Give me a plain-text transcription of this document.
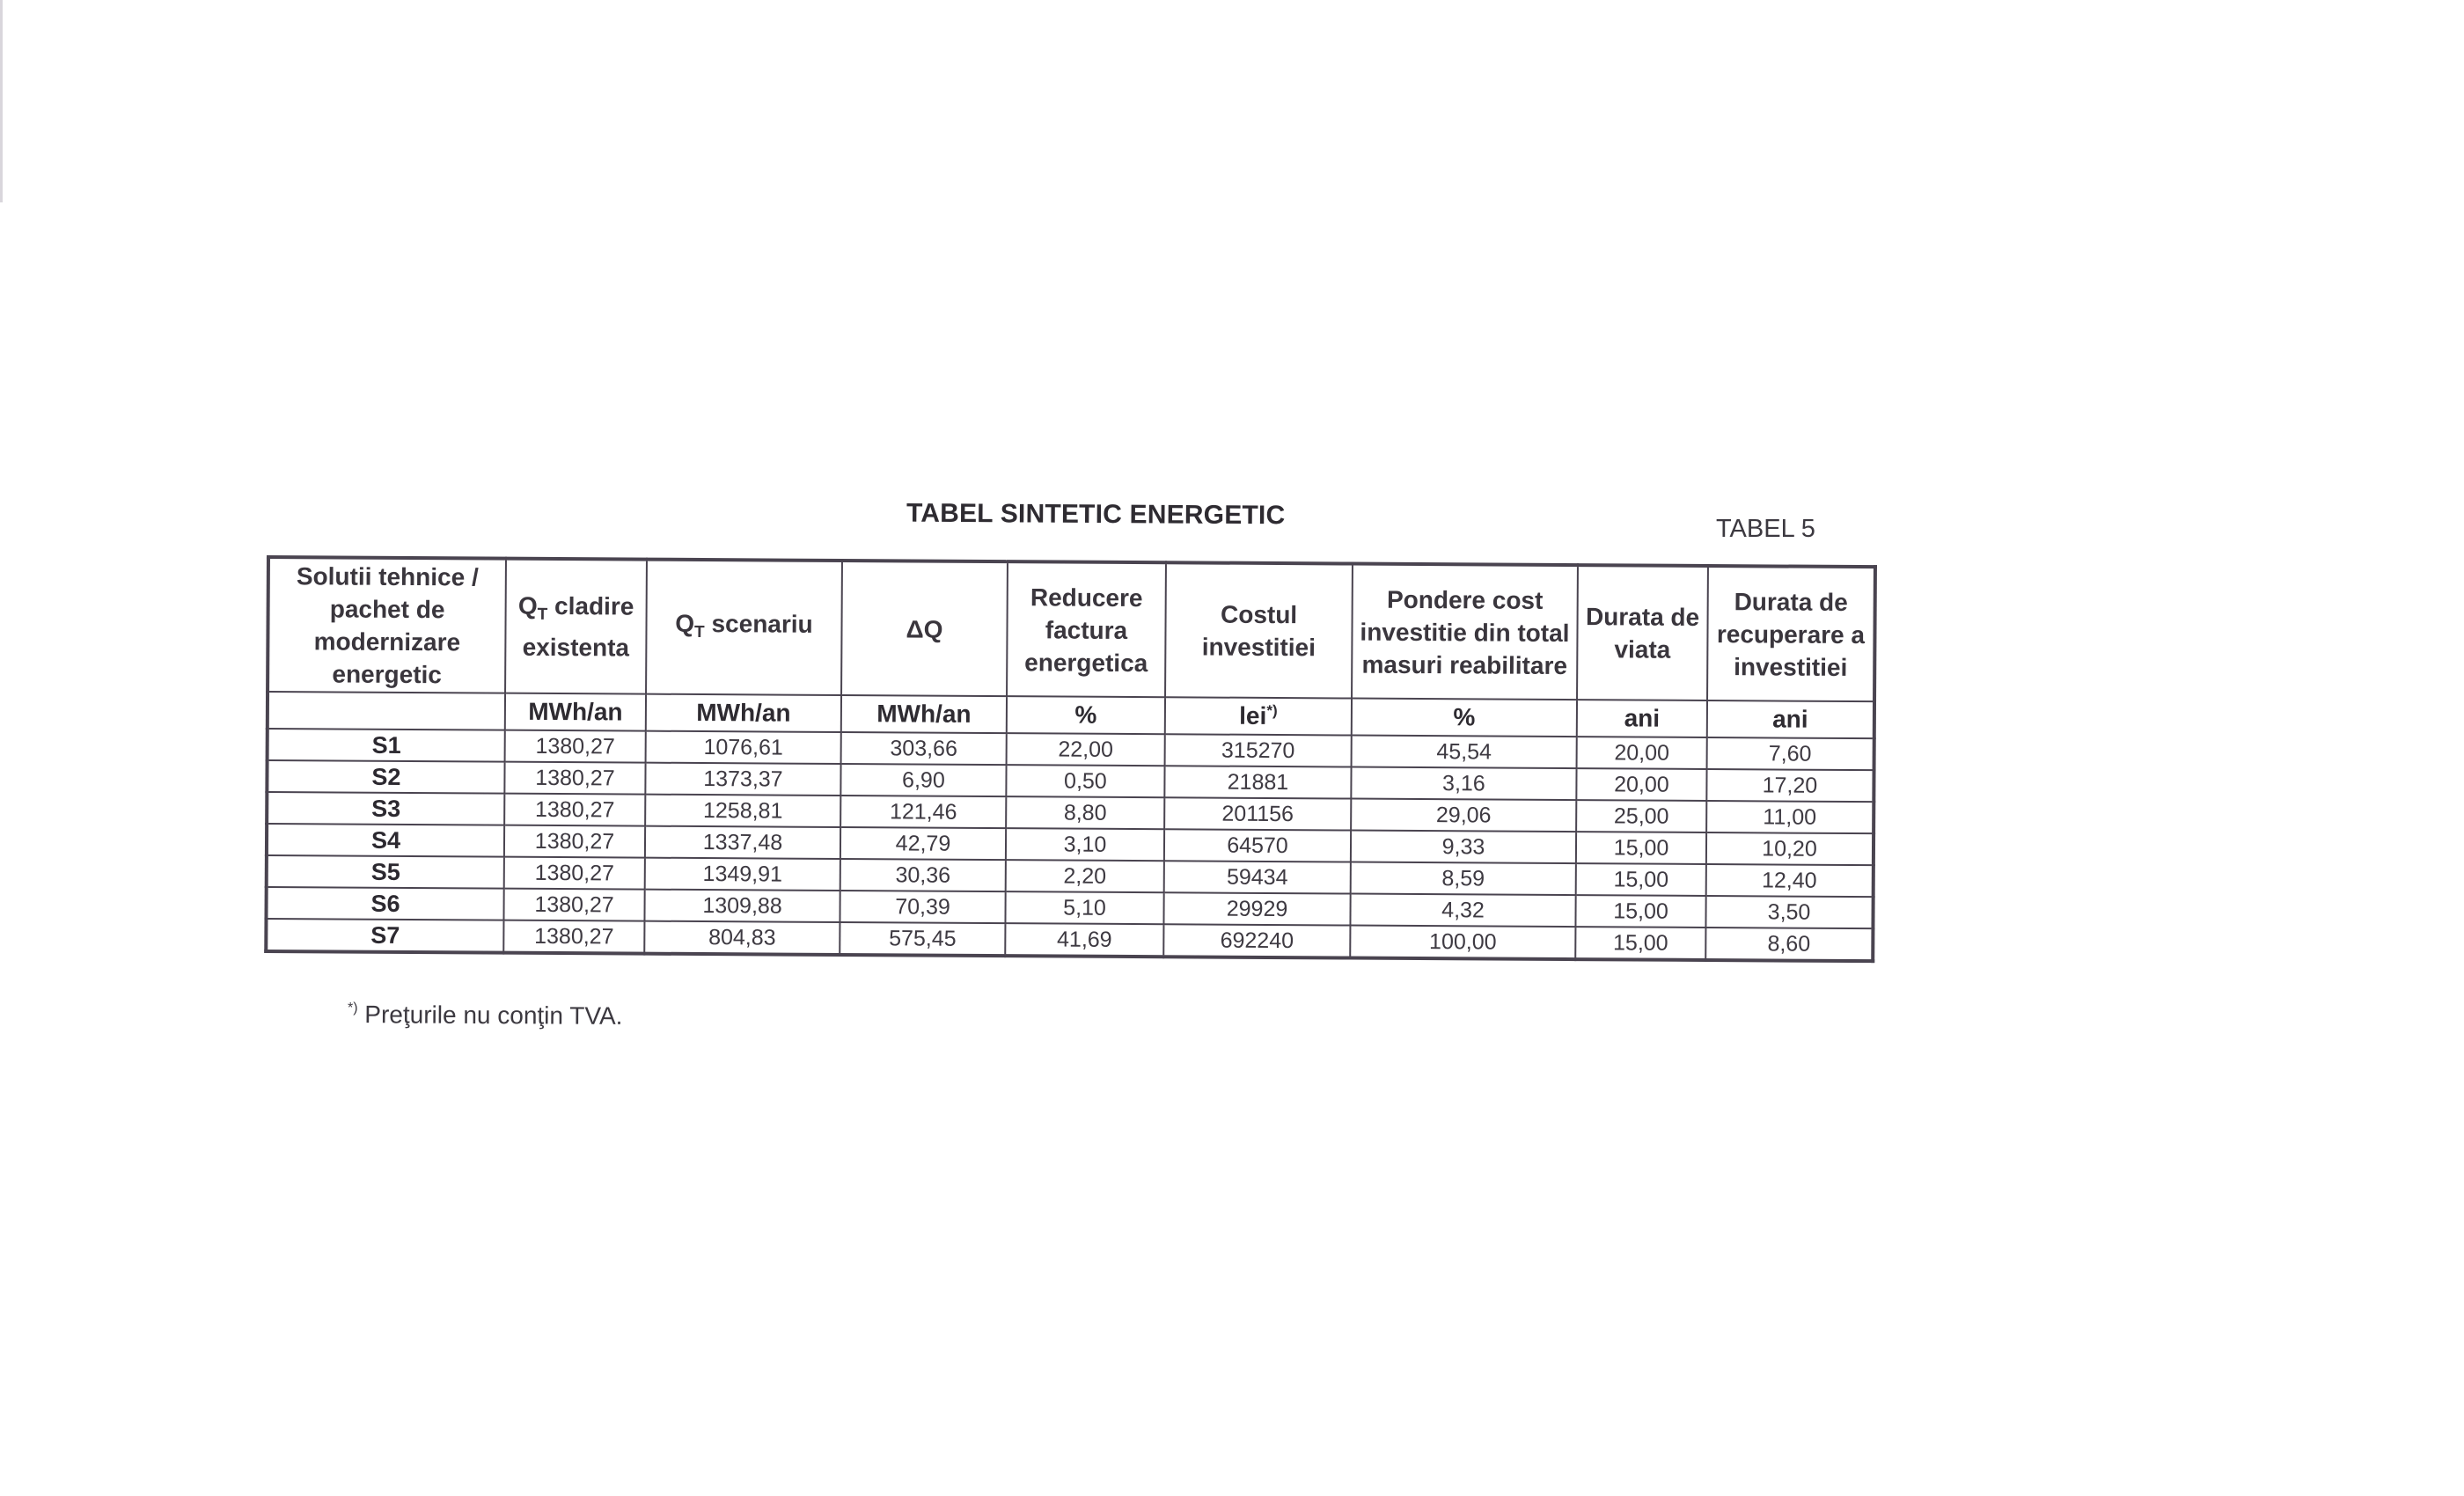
TABEL SINTETIC ENERGETIC	TABEL 5
Solutii tehnice / pachet de modernizare energetic	$Q_T$ cladire existenta	$Q_T$ scenariu	ΔQ	Reducere factura energetica	Costul investitiei	Pondere cost investitie din total masuri reabilitare	Durata de viata	Durata de recuperare a investitiei
	MWh/an	MWh/an	MWh/an	%	lei*)	%	ani	ani
S1	1380,27	1076,61	303,66	22,00	315270	45,54	20,00	7,60
S2	1380,27	1373,37	6,90	0,50	21881	3,16	20,00	17,20
S3	1380,27	1258,81	121,46	8,80	201156	29,06	25,00	11,00
S4	1380,27	1337,48	42,79	3,10	64570	9,33	15,00	10,20
S5	1380,27	1349,91	30,36	2,20	59434	8,59	15,00	12,40
S6	1380,27	1309,88	70,39	5,10	29929	4,32	15,00	3,50
S7	1380,27	804,83	575,45	41,69	692240	100,00	15,00	8,60
*) Preţurile nu conţin TVA.
